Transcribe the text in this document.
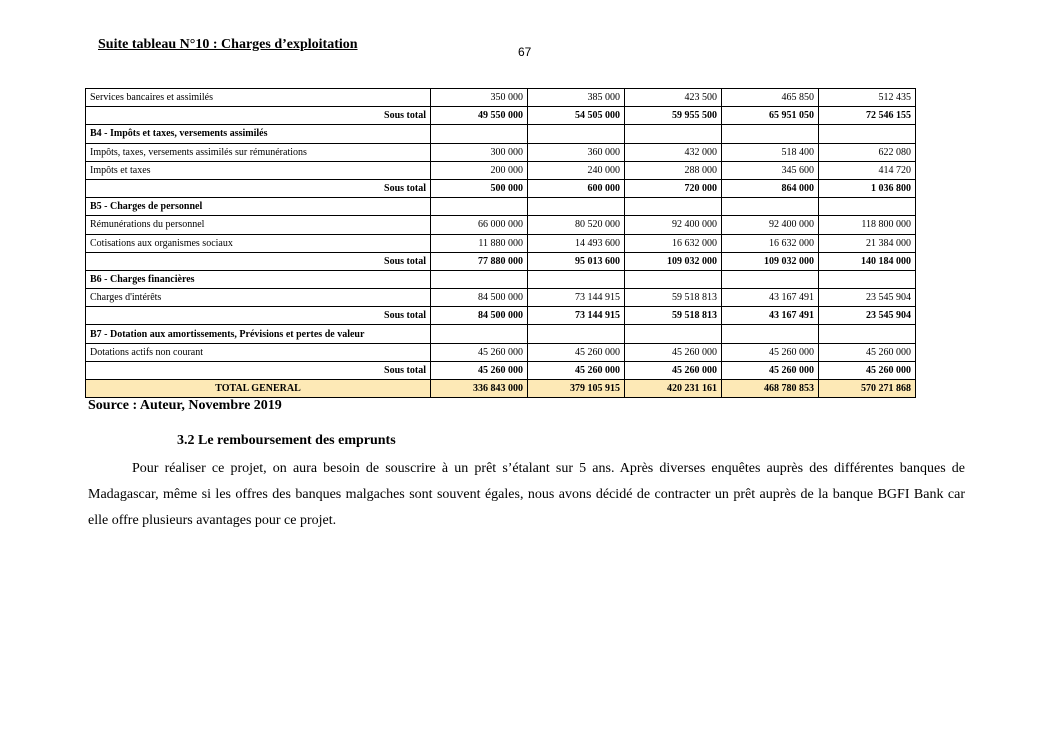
Suite tableau N°10 : Charges d’exploitation	67
Services bancaires et assimilés	350 000	385 000	423 500	465 850	512 435
Sous total	49 550 000	54 505 000	59 955 500	65 951 050	72 546 155
B4 - Impôts et taxes, versements assimilés					
Impôts, taxes, versements assimilés sur rémunérations	300 000	360 000	432 000	518 400	622 080
Impôts et taxes	200 000	240 000	288 000	345 600	414 720
Sous total	500 000	600 000	720 000	864 000	1 036 800
B5 - Charges de personnel					
Rémunérations du personnel	66 000 000	80 520 000	92 400 000	92 400 000	118 800 000
Cotisations aux organismes sociaux	11 880 000	14 493 600	16 632 000	16 632 000	21 384 000
Sous total	77 880 000	95 013 600	109 032 000	109 032 000	140 184 000
B6 - Charges financières					
Charges d'intérêts	84 500 000	73 144 915	59 518 813	43 167 491	23 545 904
Sous total	84 500 000	73 144 915	59 518 813	43 167 491	23 545 904
B7 - Dotation aux amortissements, Prévisions et pertes de valeur					
Dotations actifs non courant	45 260 000	45 260 000	45 260 000	45 260 000	45 260 000
Sous total	45 260 000	45 260 000	45 260 000	45 260 000	45 260 000
TOTAL GENERAL	336 843 000	379 105 915	420 231 161	468 780 853	570 271 868
Source : Auteur, Novembre 2019
3.2 Le remboursement des emprunts
Pour réaliser ce projet, on aura besoin de souscrire à un prêt s’étalant sur 5 ans. Après diverses enquêtes auprès des différentes banques de Madagascar, même si les offres des banques malgaches sont souvent égales, nous avons décidé de contracter un prêt auprès de la banque BGFI Bank car elle offre plusieurs avantages pour ce projet.
